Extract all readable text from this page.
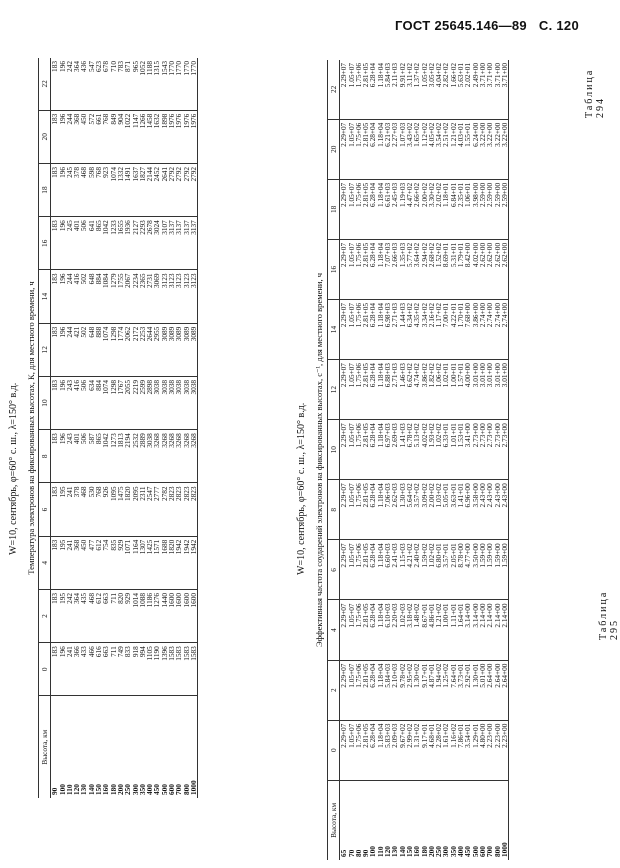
ГОСТ 25645.146—89 С. 120
Таблица 294
W=10, сентябрь, φ=60° с. ш., λ=150° в.д. Температура электронов на фиксированных высотах, К, для местного времени, ч
Высота, км	0	2	4	6	8	10	12	14	16	18	20	22
90	183	183	183	183	183	183	183	183	183	183	183	183
100	196	195	195	195	196	196	196	196	196	196	196	196
110	241	242	241	241	243	243	244	244	245	245	244	242
120	366	364	368	378	401	416	421	416	401	378	368	364
130	433	435	450	468	506	506	502	502	506	468	450	436
140	466	468	477	530	587	634	648	648	641	598	572	547
150	616	612	612	768	865	884	888	884	865	768	661	623
160	663	663	754	926	1042	1074	1074	1084	1042	923	768	678
180	711	711	835	1095	1273	1298	1298	1279	1233	1074	849	710
200	749	820	929	1475	1813	1767	1774	1755	1655	1332	904	783
250	833	929	1071	1820	2194	2055	2062	2067	1936	1491	1022	871
300	918	1014	1164	2095	2532	2219	2172	2234	2127	1637	1147	965
350	994	1088	1307	2311	2889	2599	2253	2365	2293	1827	1266	1052
400	1105	1186	1425	2547	3038	2898	2644	2731	2678	2144	1458	1188
450	1190	1276	1571	2777	3268	3038	2955	3069	3024	2452	1632	1315
500	1396	1440	1688	2782	3268	3038	3089	3123	3107	2641	1898	1543
600	1583	1600	1820	2823	3268	3038	3089	3123	3137	2792	1976	1770
700	1583	1600	1942	2823	3268	3038	3089	3123	3137	2792	1976	1770
800	1583	1600	1942	2823	3268	3038	3089	3123	3137	2792	1976	1770
1000	1583	1600	1942	2823	3268	3038	3089	3123	3137	2792	1976	1770
Таблица 295
W=10, сентябрь, φ=60° с. ш., λ=150° в.д. Эффективная частота соударений электронов на фиксированных высотах, с⁻¹, для местного времени, ч
Высота, км	0	2	4	6	8	10	12	14	16	18	20	22
65	2.29+07	2.29+07	2.29+07	2.29+07	2.29+07	2.29+07	2.29+07	2.29+07	2.29+07	2.29+07	2.29+07	2.29+07
70	1.05+07	1.05+07	1.05+07	1.05+07	1.05+07	1.05+07	1.05+07	1.05+07	1.05+07	1.05+07	1.05+07	1.05+07
80	1.75+06	1.75+06	1.75+06	1.75+06	1.75+06	1.75+06	1.75+06	1.75+06	1.75+06	1.75+06	1.75+06	1.75+06
90	2.81+05	2.81+05	2.81+05	2.81+05	2.81+05	2.81+05	2.81+05	2.81+05	2.81+05	2.81+05	2.81+05	2.81+05
100	6.28+04	6.28+04	6.28+04	6.28+04	6.28+04	6.28+04	6.28+04	6.28+04	6.28+04	6.28+04	6.28+04	6.28+04
110	1.18+04	1.18+04	1.18+04	1.18+04	1.18+04	1.18+04	1.18+04	1.18+04	1.18+04	1.18+04	1.18+04	1.18+04
120	5.83+03	5.84+03	6.10+03	6.60+03	7.06+03	6.97+03	6.88+03	6.98+03	7.07+03	6.61+03	6.21+03	5.84+03
130	2.09+03	2.10+03	2.20+03	2.41+03	2.62+03	2.69+03	2.71+03	2.71+03	2.66+03	2.45+03	2.27+03	2.11+03
140	9.67+02	9.78+02	1.02+03	1.15+03	1.30+03	1.41+03	1.46+03	1.44+03	1.35+03	1.19+03	1.07+03	9.91+02
150	2.99+02	2.95+02	3.18+02	4.21+02	5.64+02	6.78+02	6.62+02	6.34+02	5.77+02	4.47+02	3.43+02	3.11+02
160	1.31+02	1.30+02	1.48+02	2.40+02	3.57+02	5.13+02	4.74+02	4.35+02	3.64+02	2.66+02	1.65+02	1.37+02
180	9.17+01	9.17+01	8.67+01	1.59+02	3.09+02	4.02+02	3.86+02	3.34+02	2.94+02	2.00+02	1.12+02	1.05+02
200	4.68+01	4.87+01	4.86+01	1.02+02	2.00+02	1.93+02	1.82+02	2.16+02	2.68+02	3.30+02	4.05+02	3.05+02
250	2.28+02	1.94+02	1.21+02	6.80+01	1.03+02	1.02+02	1.06+02	1.17+02	1.52+02	2.02+02	3.54+02	4.04+02
300	1.61+02	1.25+02	1.00+01	3.57+01	5.05+01	6.33+01	1.02+01	7.00+01	8.69+01	1.18+01	2.51+02	2.82+02
350	1.16+02	7.64+01	1.11+01	2.05+01	3.63+01	1.01+01	1.00+01	4.22+01	5.31+01	6.84+01	1.21+02	1.66+02
400	7.86+01	3.73+01	1.64+01	8.78+00	1.41+01	1.53+01	1.57+01	1.70+01	1.79+01	2.35+01	4.03+01	5.63+01
450	3.54+01	2.92+01	3.14+00	4.77+00	6.96+00	3.41+00	4.00+00	7.68+00	8.42+00	1.06+01	1.55+01	2.02+01
500	1.29+01	1.30+01	3.14+00	3.50+00	3.58+00	2.73+00	3.01+00	3.86+00	4.02+00	3.98+00	6.24+00	2.49+00
600	4.80+00	5.01+00	2.14+00	1.59+00	2.43+00	2.73+00	3.01+00	2.74+00	2.62+00	2.59+00	3.22+00	3.71+00
700	2.23+00	2.64+00	2.14+00	1.59+00	2.43+00	2.73+00	3.01+00	2.74+00	2.62+00	2.59+00	3.22+00	3.71+00
800	2.23+00	2.64+00	2.14+00	1.59+00	2.43+00	2.73+00	3.01+00	2.74+00	2.62+00	2.59+00	3.22+00	3.71+00
1000	2.23+00	2.64+00	2.14+00	1.59+00	2.43+00	2.73+00	3.01+00	2.74+00	2.62+00	2.59+00	3.22+00	3.71+00
